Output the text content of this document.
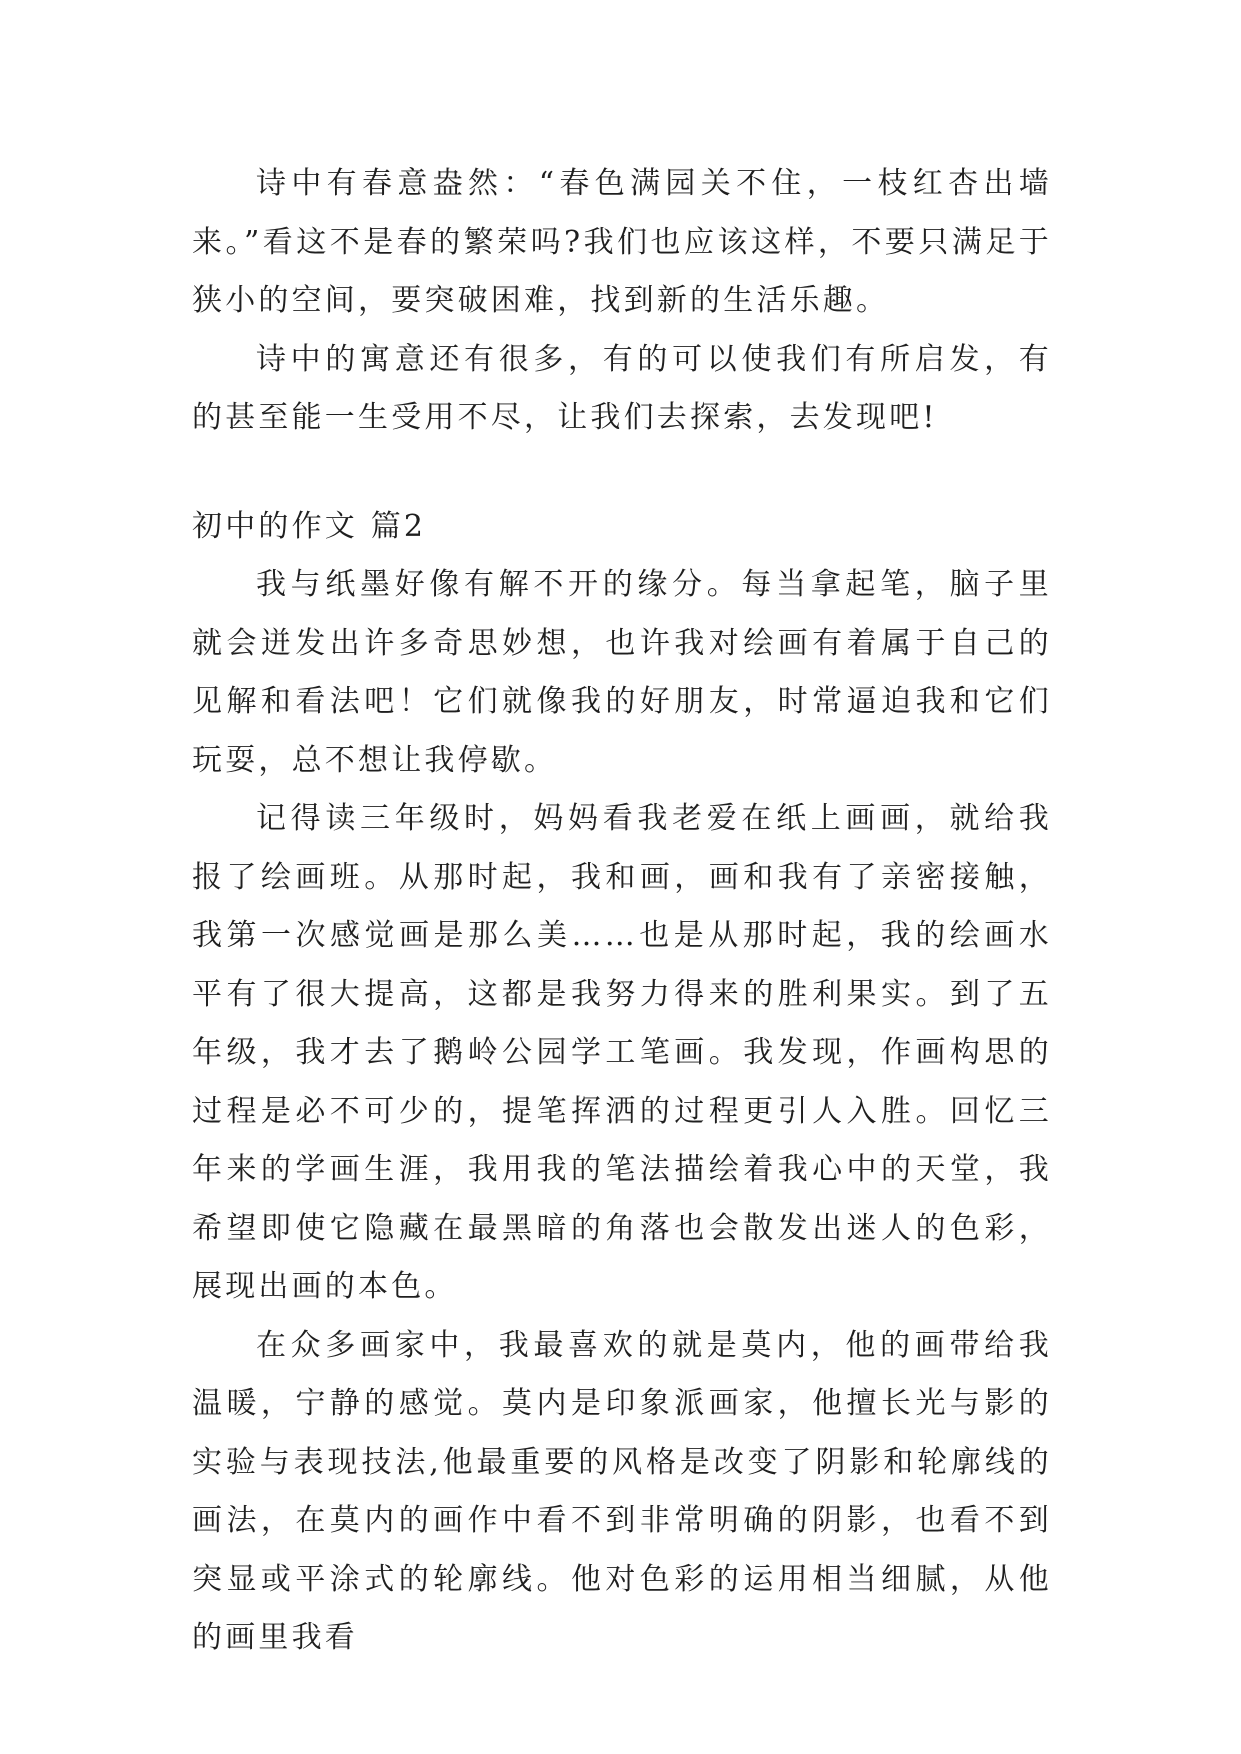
诗中有春意盎然：“春色满园关不住，一枝红杏出墙来。”看这不是春的繁荣吗?我们也应该这样，不要只满足于狭小的空间，要突破困难，找到新的生活乐趣。

诗中的寓意还有很多，有的可以使我们有所启发，有的甚至能一生受用不尽，让我们去探索，去发现吧!

初中的作文 篇2

我与纸墨好像有解不开的缘分。每当拿起笔，脑子里就会迸发出许多奇思妙想，也许我对绘画有着属于自己的见解和看法吧！它们就像我的好朋友，时常逼迫我和它们玩耍，总不想让我停歇。

记得读三年级时，妈妈看我老爱在纸上画画，就给我报了绘画班。从那时起，我和画，画和我有了亲密接触，我第一次感觉画是那么美……也是从那时起，我的绘画水平有了很大提高，这都是我努力得来的胜利果实。到了五年级，我才去了鹅岭公园学工笔画。我发现，作画构思的过程是必不可少的，提笔挥洒的过程更引人入胜。回忆三年来的学画生涯，我用我的笔法描绘着我心中的天堂，我希望即使它隐藏在最黑暗的角落也会散发出迷人的色彩，展现出画的本色。

在众多画家中，我最喜欢的就是莫内，他的画带给我温暖，宁静的感觉。莫内是印象派画家，他擅长光与影的实验与表现技法,他最重要的风格是改变了阴影和轮廓线的画法，在莫内的画作中看不到非常明确的阴影，也看不到突显或平涂式的轮廓线。他对色彩的运用相当细腻，从他的画里我看
